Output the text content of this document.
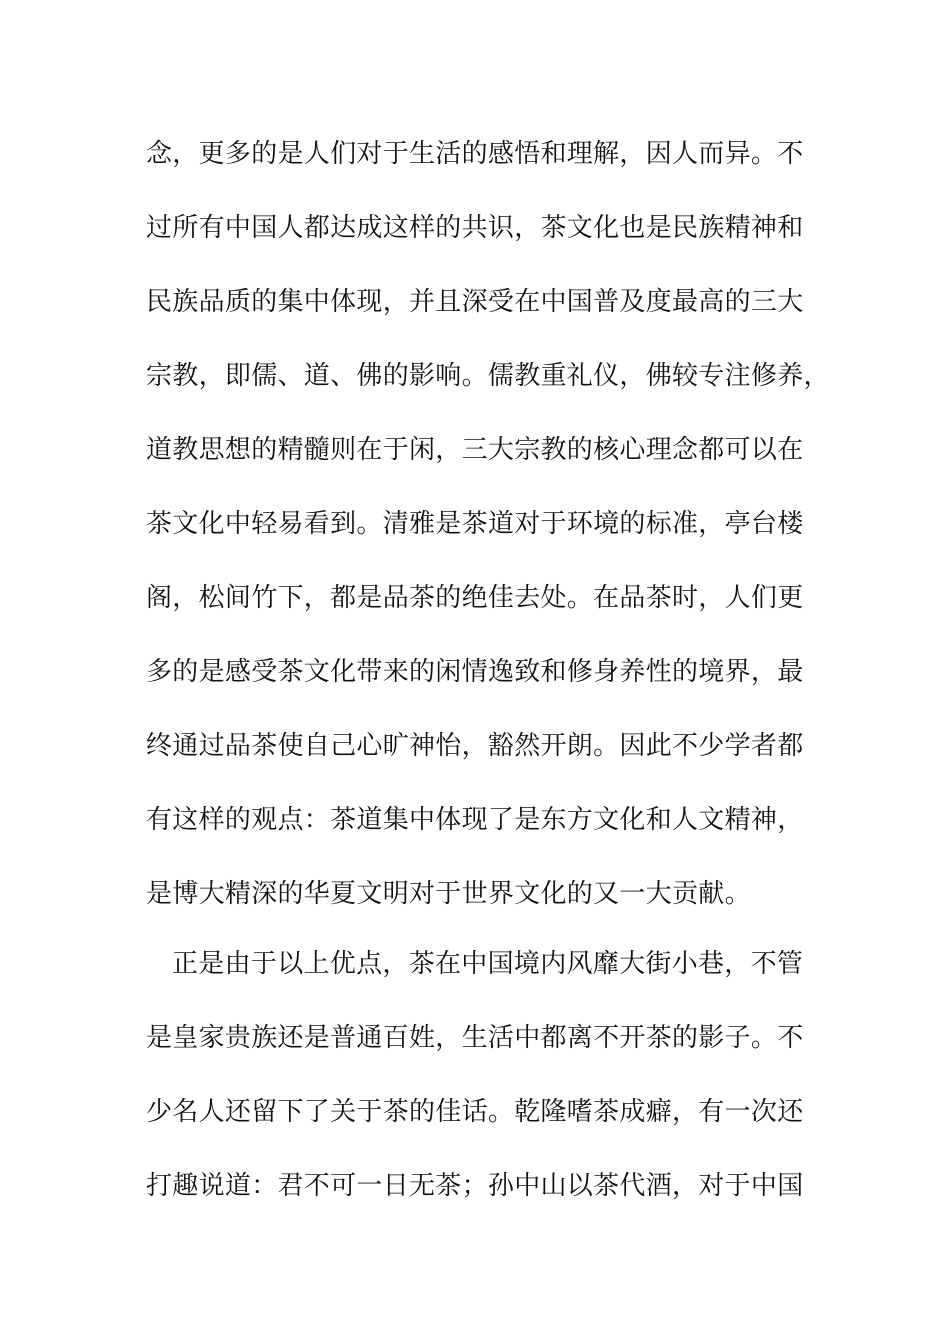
念，更多的是人们对于生活的感悟和理解，因人而异。不
过所有中国人都达成这样的共识，茶文化也是民族精神和
民族品质的集中体现，并且深受在中国普及度最高的三大
宗教，即儒、道、佛的影响。儒教重礼仪，佛较专注修养，
道教思想的精髓则在于闲，三大宗教的核心理念都可以在
茶文化中轻易看到。清雅是茶道对于环境的标准，亭台楼
阁，松间竹下，都是品茶的绝佳去处。在品茶时，人们更
多的是感受茶文化带来的闲情逸致和修身养性的境界，最
终通过品茶使自己心旷神怡，豁然开朗。因此不少学者都
有这样的观点：茶道集中体现了是东方文化和人文精神，
是博大精深的华夏文明对于世界文化的又一大贡献。
正是由于以上优点，茶在中国境内风靡大街小巷，不管
是皇家贵族还是普通百姓，生活中都离不开茶的影子。不
少名人还留下了关于茶的佳话。乾隆嗜茶成癖，有一次还
打趣说道：君不可一日无茶；孙中山以茶代酒，对于中国
